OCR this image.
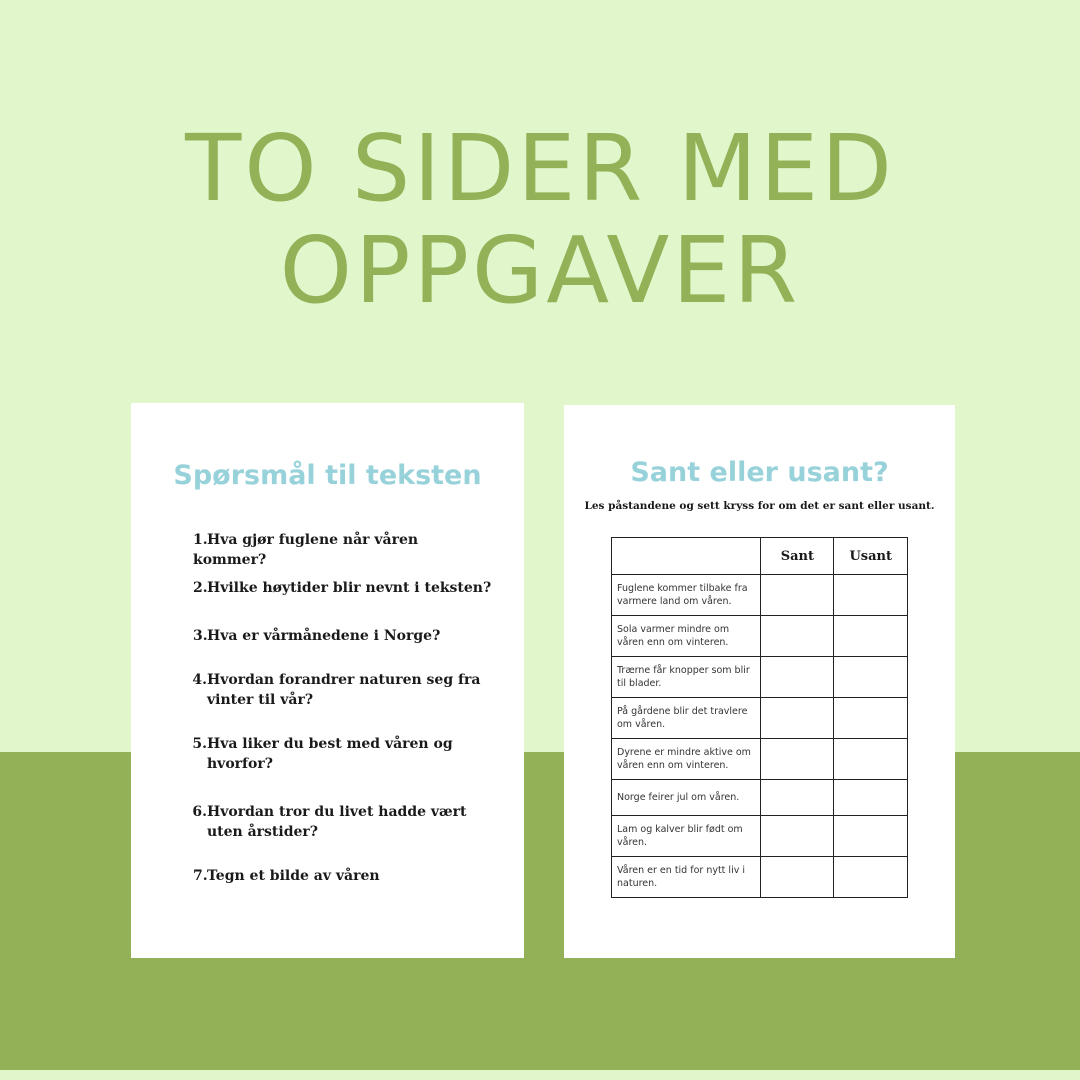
TO SIDER MED
OPPGAVER
Spørsmål til teksten
1.Hva gjør fuglene når våren kommer?
2.Hvilke høytider blir nevnt i teksten?
3.Hva er vårmånedene i Norge?
4.Hvordan forandrer naturen seg fra vinter til vår?
5.Hva liker du best med våren og hvorfor?
6.Hvordan tror du livet hadde vært uten årstider?
7.Tegn et bilde av våren
Sant eller usant?
Les påstandene og sett kryss for om det er sant eller usant.
	Sant	Usant
Fuglene kommer tilbake fra varmere land om våren.		
Sola varmer mindre om våren enn om vinteren.		
Trærne får knopper som blir til blader.		
På gårdene blir det travlere om våren.		
Dyrene er mindre aktive om våren enn om vinteren.		
Norge feirer jul om våren.		
Lam og kalver blir født om våren.		
Våren er en tid for nytt liv i naturen.		
